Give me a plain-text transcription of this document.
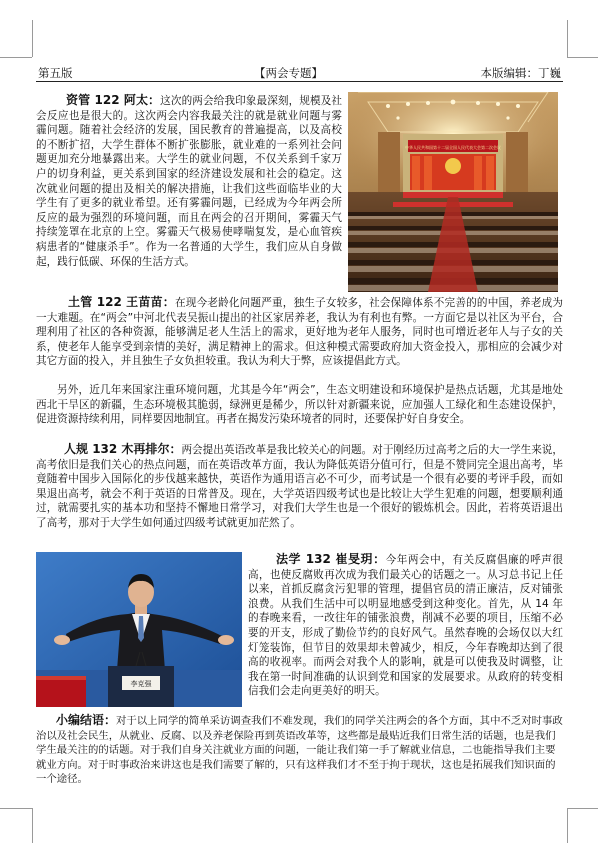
第五版	【两会专题】	本版编辑：丁巍
中华人民共和国第十二届全国人民代表大会第二次会议
资管 122 阿太：这次的两会给我印象最深刻，规模及社会反应也是很大的。这次两会内容我最关注的就是就业问题与雾霾问题。随着社会经济的发展，国民教育的普遍提高，以及高校的不断扩招，大学生群体不断扩张膨胀，就业难的一系列社会问题更加充分地暴露出来。大学生的就业问题，不仅关系到千家万户的切身利益，更关系到国家的经济建设发展和社会的稳定。这次就业问题的提出及相关的解决措施，让我们这些面临毕业的大学生有了更多的就业希望。还有雾霾问题，已经成为今年两会所反应的最为强烈的环境问题，而且在两会的召开期间，雾霾天气持续笼罩在北京的上空。雾霾天气极易使哮喘复发，是心血管疾病患者的“健康杀手”。作为一名普通的大学生，我们应从自身做起，践行低碳、环保的生活方式。
土管 122 王苗苗：在现今老龄化问题严重，独生子女较多，社会保障体系不完善的的中国，养老成为一大难题。在“两会”中河北代表吴振山提出的社区家居养老，我认为有利也有弊。一方面它是以社区为平台，合理利用了社区的各种资源，能够满足老人生活上的需求，更好地为老年人服务，同时也可增近老年人与子女的关系，使老年人能享受到亲情的美好，满足精神上的需求。但这种模式需要政府加大资金投入，那相应的会减少对其它方面的投入，并且独生子女负担较重。我认为利大于弊，应该提倡此方式。
另外，近几年来国家注重环境问题，尤其是今年“两会”，生态文明建设和环境保护是热点话题，尤其是地处西北干旱区的新疆，生态环境极其脆弱，绿洲更是稀少，所以针对新疆来说，应加强人工绿化和生态建设保护，促进资源持续利用，同样要因地制宜。再者在揭发污染环境者的同时，还要保护好自身安全。
人规 132 木再排尔：两会提出英语改革是我比较关心的问题。对于刚经历过高考之后的大一学生来说，高考依旧是我们关心的热点问题，而在英语改革方面，我认为降低英语分值可行，但是不赞同完全退出高考，毕竟随着中国步入国际化的步伐越来越快，英语作为通用语言必不可少，而考试是一个很有必要的考评手段，而如果退出高考，就会不利于英语的日常普及。现在，大学英语四级考试也是比较让大学生犯难的问题，想要顺利通过，就需要扎实的基本功和坚持不懈地日常学习，对我们大学生也是一个很好的锻炼机会。因此，若将英语退出了高考，那对于大学生如何通过四级考试就更加茫然了。
李克强
法学 132 崔旻玥：今年两会中，有关反腐倡廉的呼声很高，也使反腐败再次成为我们最关心的话题之一。从习总书记上任以来，首抓反腐贪污犯罪的管理，提倡官员的清正廉洁，反对铺张浪费。从我们生活中可以明显地感受到这种变化。首先，从 14 年的春晚来看，一改往年的铺张浪费，削减不必要的项目，压缩不必要的开支，形成了勤俭节约的良好风气。虽然春晚的会场仅以大红灯笼装饰，但节目的效果却未曾减少，相反，今年春晚却达到了很高的收视率。而两会对我个人的影响，就是可以使我及时调整，让我在第一时间准确的认识到党和国家的发展要求。从政府的转变相信我们会走向更美好的明天。
小编结语：对于以上同学的简单采访调查我们不难发现，我们的同学关注两会的各个方面，其中不乏对时事政治以及社会民生，从就业、反腐、以及养老保险再到英语改革等，这些都是最贴近我们日常生活的话题，也是我们学生最关注的的话题。对于我们自身关注就业方面的问题，一能让我们第一手了解就业信息，二也能指导我们主要就业方向。对于时事政治来讲这也是我们需要了解的，只有这样我们才不至于拘于现状，这也是拓展我们知识面的一个途径。
